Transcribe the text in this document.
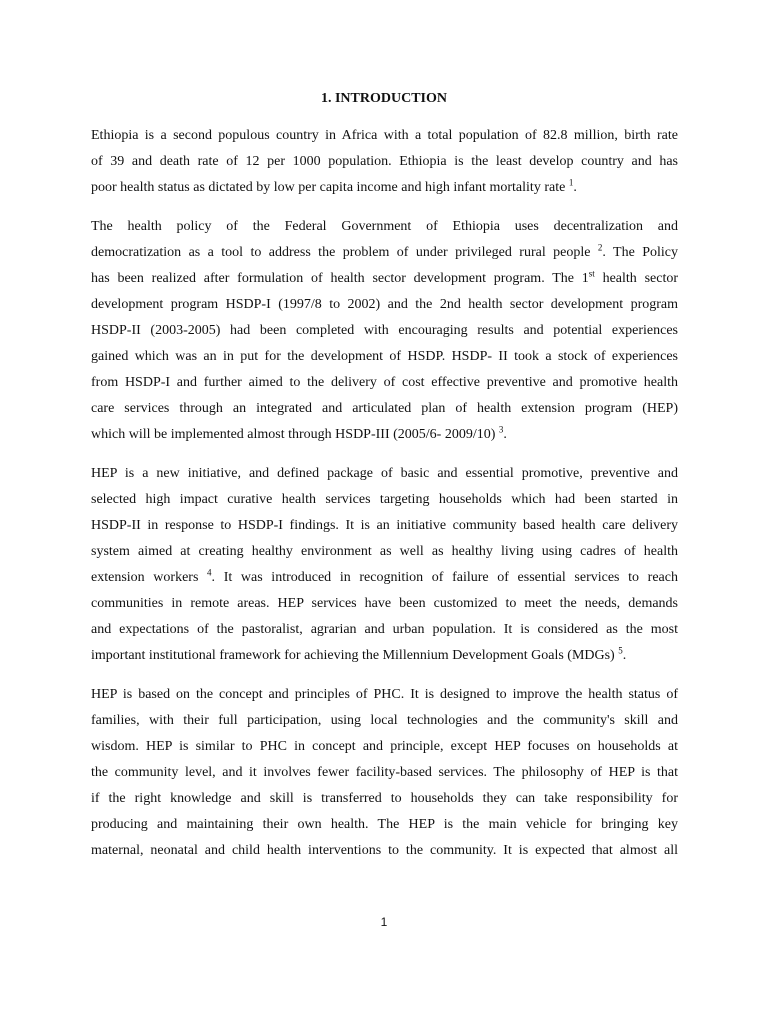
1. INTRODUCTION
Ethiopia is a second populous country in Africa with a total population of 82.8 million, birth rate
of 39 and death rate of 12 per 1000 population. Ethiopia is the least develop country and has
poor health status as dictated by low per capita income and high infant mortality rate $^1$.
The health policy of the Federal Government of Ethiopia uses decentralization and
democratization as a tool to address the problem of under privileged rural people $^2$. The Policy
has been realized after formulation of health sector development program. The 1st health sector
development program HSDP-I (1997/8 to 2002) and the 2nd health sector development program
HSDP-II (2003-2005) had been completed with encouraging results and potential experiences
gained which was an in put for the development of HSDP. HSDP- II took a stock of experiences
from HSDP-I and further aimed to the delivery of cost effective preventive and promotive health
care services through an integrated and articulated plan of health extension program (HEP)
which will be implemented almost through HSDP-III (2005/6- 2009/10) $^3$.
HEP is a new initiative, and defined package of basic and essential promotive, preventive and
selected high impact curative health services targeting households which had been started in
HSDP-II in response to HSDP-I findings. It is an initiative community based health care delivery
system aimed at creating healthy environment as well as healthy living using cadres of health
extension workers $^4$. It was introduced in recognition of failure of essential services to reach
communities in remote areas. HEP services have been customized to meet the needs, demands
and expectations of the pastoralist, agrarian and urban population. It is considered as the most
important institutional framework for achieving the Millennium Development Goals (MDGs) $^5$.
HEP is based on the concept and principles of PHC. It is designed to improve the health status of
families, with their full participation, using local technologies and the community's skill and
wisdom. HEP is similar to PHC in concept and principle, except HEP focuses on households at
the community level, and it involves fewer facility-based services. The philosophy of HEP is that
if the right knowledge and skill is transferred to households they can take responsibility for
producing and maintaining their own health. The HEP is the main vehicle for bringing key
maternal, neonatal and child health interventions to the community. It is expected that almost all
1
